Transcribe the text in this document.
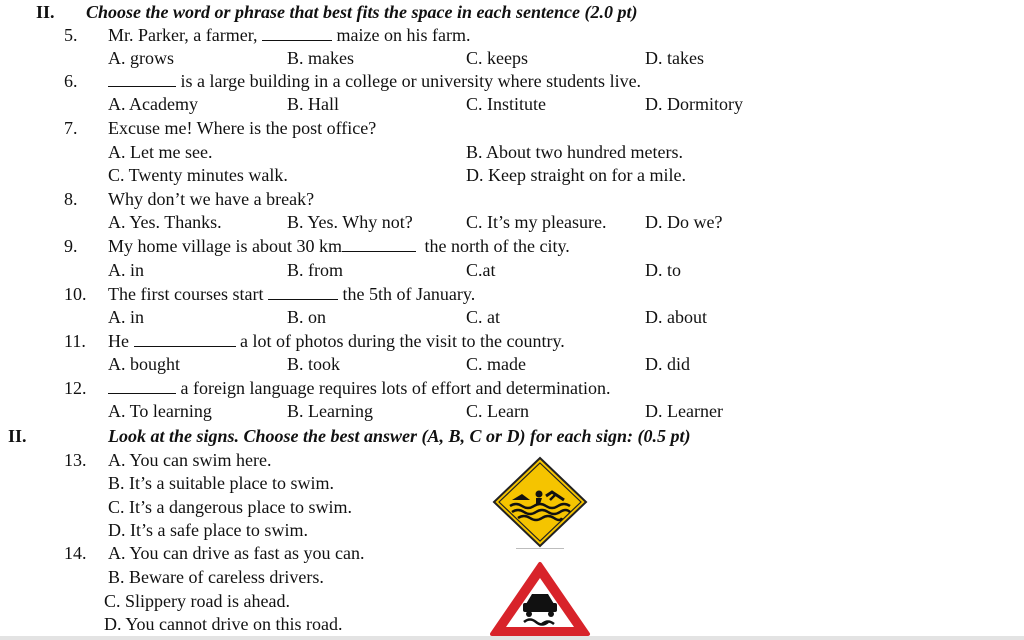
II. Choose the word or phrase that best fits the space in each sentence (2.0 pt)
5. Mr. Parker, a farmer,	maize on his farm.
A. grows	B. makes	C. keeps	D. takes
6.	is a large building in a college or university where students live.
A. Academy	B. Hall	C. Institute	D. Dormitory
7. Excuse me! Where is the post office?
A. Let me see.	B. About two hundred meters.
C. Twenty minutes walk.	D. Keep straight on for a mile.
8. Why don’t we have a break?
A. Yes. Thanks.	B. Yes. Why not?	C. It’s my pleasure. D. Do we?
9. My home village is about 30 km	the north of the city.
A. in	B. from	C.at	D. to
10. The first courses start	the 5th of January.
A. in	B. on	C. at	D. about
11. He	a lot of photos during the visit to the country.
A. bought	B. took	C. made	D. did
12.	a foreign language requires lots of effort and determination.
A. To learning	B. Learning	C. Learn	D. Learner
II.	Look at the signs. Choose the best answer (A, B, C or D) for each sign: (0.5 pt)
13. A. You can swim here.
B. It’s a suitable place to swim.
C. It’s a dangerous place to swim.
D. It’s a safe place to swim.
14. A. You can drive as fast as you can.
B. Beware of careless drivers.
C. Slippery road is ahead.
D. You cannot drive on this road.
